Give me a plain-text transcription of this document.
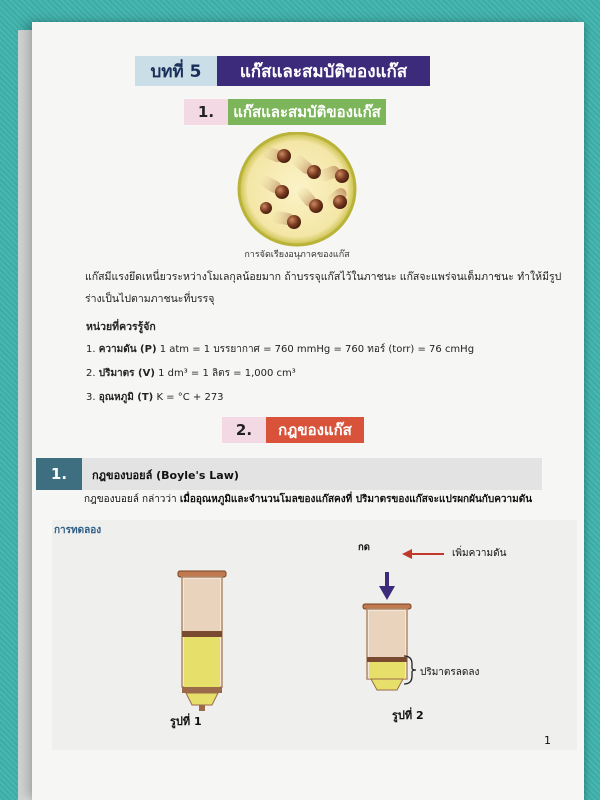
บทที่ 5	แก๊สและสมบัติของแก๊ส
1.	แก๊สและสมบัติของแก๊ส
การจัดเรียงอนุภาคของแก๊ส
แก๊สมีแรงยึดเหนี่ยวระหว่างโมเลกุลน้อยมาก ถ้าบรรจุแก๊สไว้ในภาชนะ แก๊สจะแพร่จนเต็มภาชนะ ทำให้มีรูปร่างเป็นไปตามภาชนะที่บรรจุ
หน่วยที่ควรรู้จัก
1. ความดัน (P) 1 atm = 1 บรรยากาศ = 760 mmHg = 760 ทอร์ (torr) = 76 cmHg
2. ปริมาตร (V) 1 dm³ = 1 ลิตร = 1,000 cm³
3. อุณหภูมิ (T) K = °C + 273
2.	กฎของแก๊ส
1.	กฎของบอยล์ (Boyle's Law)
กฎของบอยล์ กล่าวว่า เมื่ออุณหภูมิและจำนวนโมลของแก๊สคงที่ ปริมาตรของแก๊สจะแปรผกผันกับความดัน
การทดลอง
กด
เพิ่มความดัน
ปริมาตรลดลง
รูปที่ 1	รูปที่ 2
1
